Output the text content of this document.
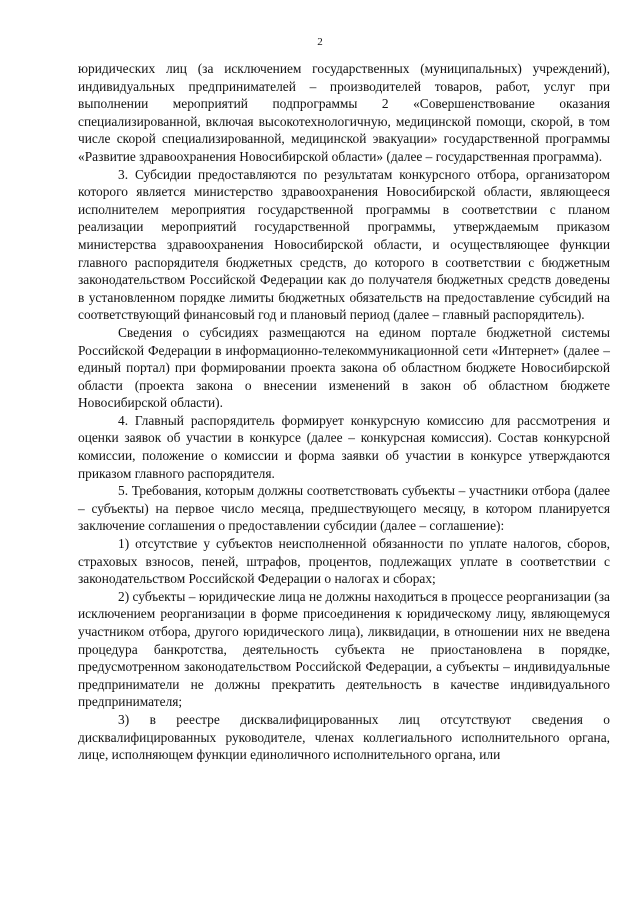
2

юридических лиц (за исключением государственных (муниципальных) учреждений), индивидуальных предпринимателей – производителей товаров, работ, услуг при выполнении мероприятий подпрограммы 2 «Совершенствование оказания специализированной, включая высокотехнологичную, медицинской помощи, скорой, в том числе скорой специализированной, медицинской эвакуации» государственной программы «Развитие здравоохранения Новосибирской области» (далее – государственная программа).

3. Субсидии предоставляются по результатам конкурсного отбора, организатором которого является министерство здравоохранения Новосибирской области, являющееся исполнителем мероприятия государственной программы в соответствии с планом реализации мероприятий государственной программы, утверждаемым приказом министерства здравоохранения Новосибирской области, и осуществляющее функции главного распорядителя бюджетных средств, до которого в соответствии с бюджетным законодательством Российской Федерации как до получателя бюджетных средств доведены в установленном порядке лимиты бюджетных обязательств на предоставление субсидий на соответствующий финансовый год и плановый период (далее – главный распорядитель).

Сведения о субсидиях размещаются на едином портале бюджетной системы Российской Федерации в информационно-телекоммуникационной сети «Интернет» (далее – единый портал) при формировании проекта закона об областном бюджете Новосибирской области (проекта закона о внесении изменений в закон об областном бюджете Новосибирской области).

4. Главный распорядитель формирует конкурсную комиссию для рассмотрения и оценки заявок об участии в конкурсе (далее – конкурсная комиссия). Состав конкурсной комиссии, положение о комиссии и форма заявки об участии в конкурсе утверждаются приказом главного распорядителя.

5. Требования, которым должны соответствовать субъекты – участники отбора (далее – субъекты) на первое число месяца, предшествующего месяцу, в котором планируется заключение соглашения о предоставлении субсидии (далее – соглашение):

1) отсутствие у субъектов неисполненной обязанности по уплате налогов, сборов, страховых взносов, пеней, штрафов, процентов, подлежащих уплате в соответствии с законодательством Российской Федерации о налогах и сборах;

2) субъекты – юридические лица не должны находиться в процессе реорганизации (за исключением реорганизации в форме присоединения к юридическому лицу, являющемуся участником отбора, другого юридического лица), ликвидации, в отношении них не введена процедура банкротства, деятельность субъекта не приостановлена в порядке, предусмотренном законодательством Российской Федерации, а субъекты – индивидуальные предприниматели не должны прекратить деятельность в качестве индивидуального предпринимателя;

3) в реестре дисквалифицированных лиц отсутствуют сведения о дисквалифицированных руководителе, членах коллегиального исполнительного органа, лице, исполняющем функции единоличного исполнительного органа, или
